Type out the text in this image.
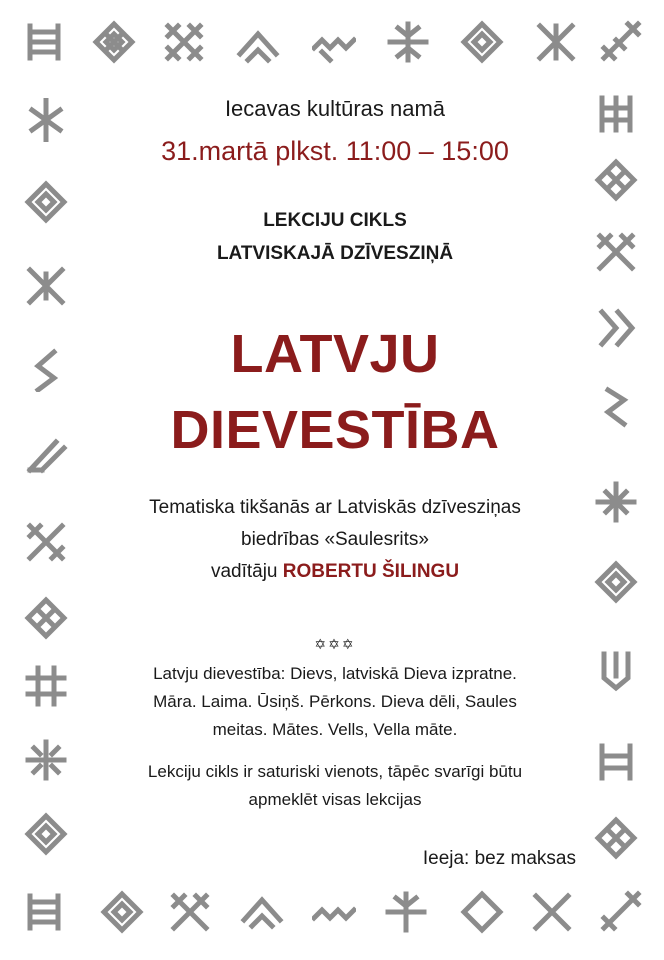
Iecavas kultūras namā
31.martā plkst. 11:00 – 15:00
LEKCIJU CIKLS
LATVISKAJĀ DZĪVESZIŅĀ
LATVJU
DIEVESTĪBA
Tematiska tikšanās ar Latviskās dzīvesziņas
biedrības «Saulesrits»
vadītāju ROBERTU ŠILINGU
✡✡✡
Latvju dievestība: Dievs, latviskā Dieva izpratne.
Māra. Laima. Ūsiņš. Pērkons. Dieva dēli, Saules
meitas. Mātes. Vells, Vella māte.
Lekciju cikls ir saturiski vienots, tāpēc svarīgi būtu
apmeklēt visas lekcijas
Ieeja: bez maksas
